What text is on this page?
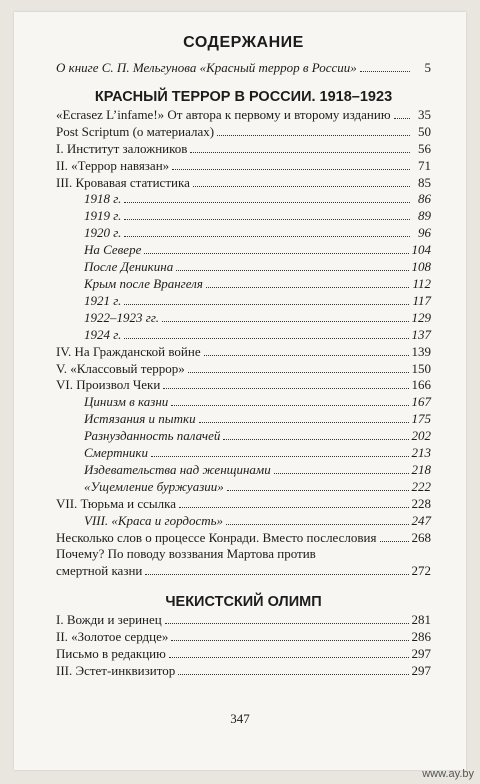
СОДЕРЖАНИЕ
О книге С. П. Мельгунова «Красный террор в России»	5
КРАСНЫЙ ТЕРРОР В РОССИИ. 1918–1923
«Ecrasez L’infame!» От автора к первому и второму изданию	35
Post Scriptum (о материалах)	50
I. Институт заложников	56
II. «Террор навязан»	71
III. Кровавая статистика	85
1918 г.	86
1919 г.	89
1920 г.	96
На Севере	104
После Деникина	108
Крым после Врангеля	112
1921 г.	117
1922–1923 гг.	129
1924 г.	137
IV. На Гражданской войне	139
V. «Классовый террор»	150
VI. Произвол Чеки	166
Цинизм в казни	167
Истязания и пытки	175
Разнузданность палачей	202
Смертники	213
Издевательства над женщинами	218
«Ущемление буржуазии»	222
VII. Тюрьма и ссылка	228
VIII. «Краса и гордость»	247
Несколько слов о процессе Конради. Вместо послесловия	268
Почему? По поводу воззвания Мартова против
смертной казни	272
ЧЕКИСТСКИЙ ОЛИМП
I. Вожди и зеринец	281
II. «Золотое сердце»	286
Письмо в редакцию	297
III. Эстет-инквизитор	297
347
www.ay.by
